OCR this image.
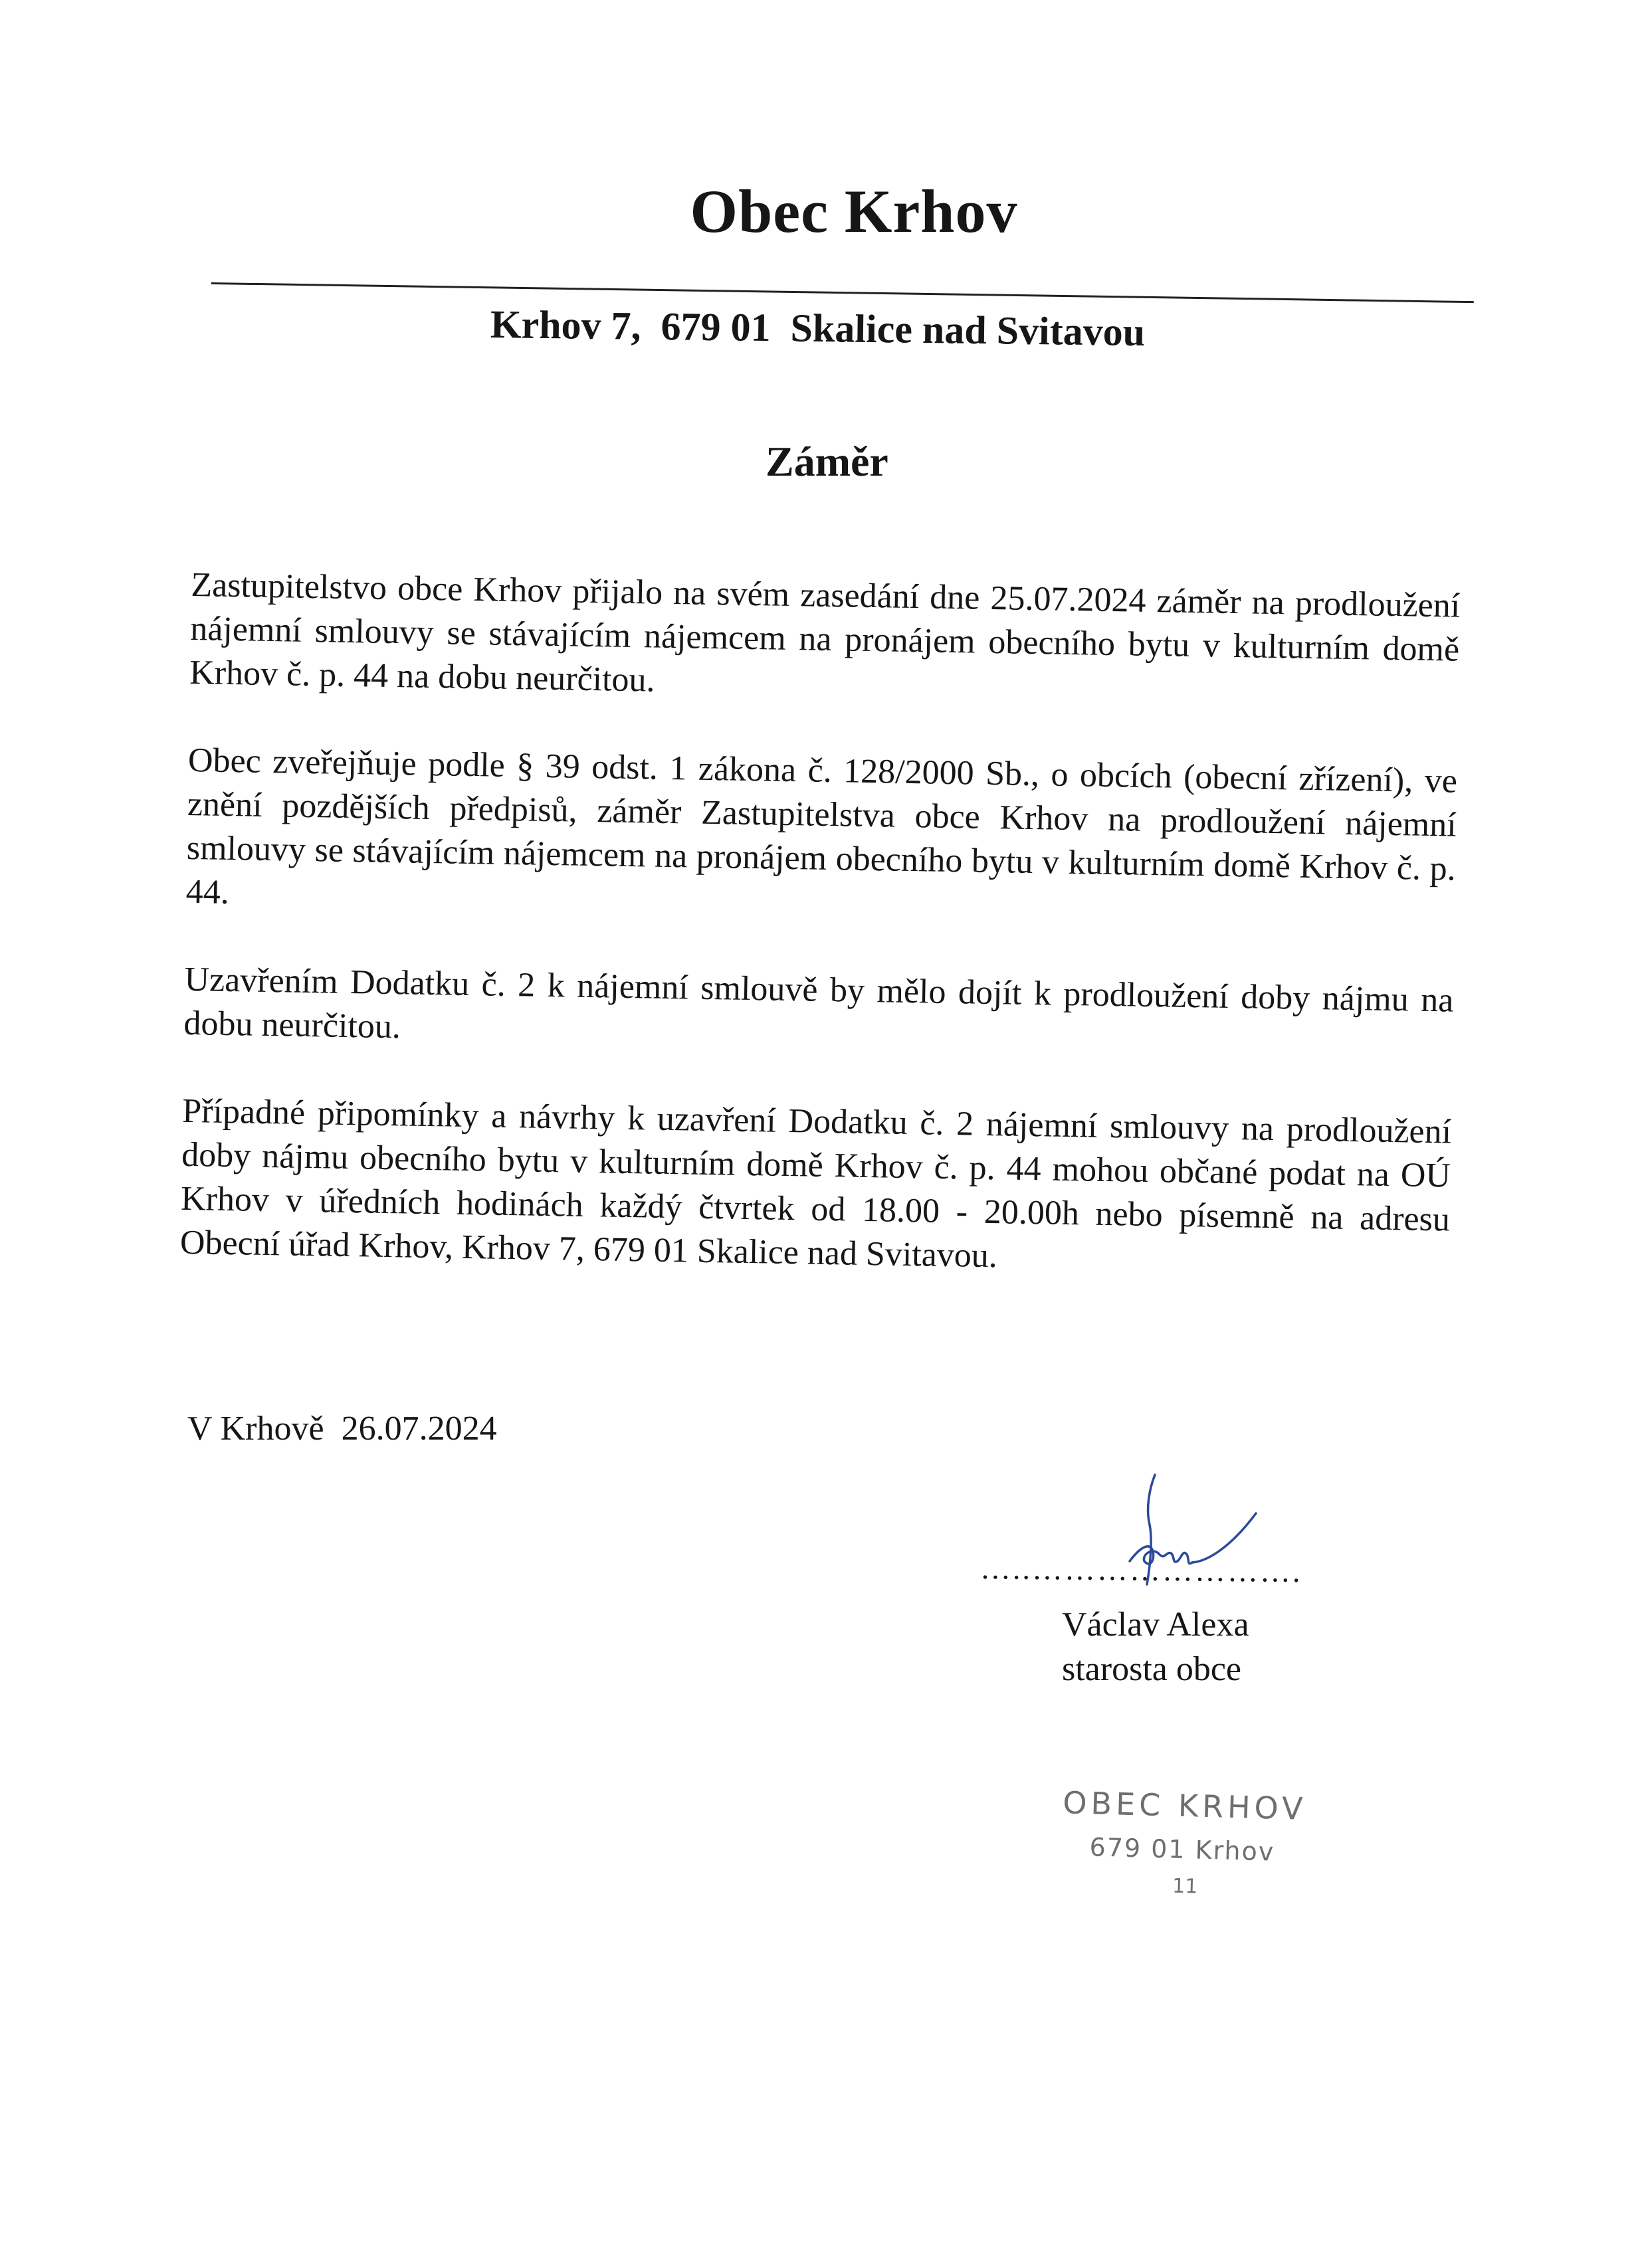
Obec Krhov
Krhov 7,  679 01  Skalice nad Svitavou
Záměr

Zastupitelstvo obce Krhov přijalo na svém zasedání dne 25.07.2024 záměr na prodloužení nájemní smlouvy se stávajícím nájemcem na pronájem obecního bytu v kulturním domě Krhov č. p. 44 na dobu neurčitou.

Obec zveřejňuje podle § 39 odst. 1 zákona č. 128/2000 Sb., o obcích (obecní zřízení), ve znění pozdějších předpisů, záměr Zastupitelstva obce Krhov na prodloužení nájemní smlouvy se stávajícím nájemcem na pronájem obecního bytu v kulturním domě Krhov č. p. 44.

Uzavřením Dodatku č. 2 k nájemní smlouvě by mělo dojít k prodloužení doby nájmu na dobu neurčitou.

Případné připomínky a návrhy k uzavření Dodatku č. 2 nájemní smlouvy na prodloužení doby nájmu obecního bytu v kulturním domě Krhov č. p. 44 mohou občané podat na OÚ Krhov v úředních hodinách každý čtvrtek od 18.00 - 20.00h nebo písemně na adresu Obecní úřad Krhov, Krhov 7, 679 01 Skalice nad Svitavou.

V Krhově  26.07.2024
…..…………………….
Václav Alexa
starosta obce
OBEC KRHOV
679 01 Krhov
11
